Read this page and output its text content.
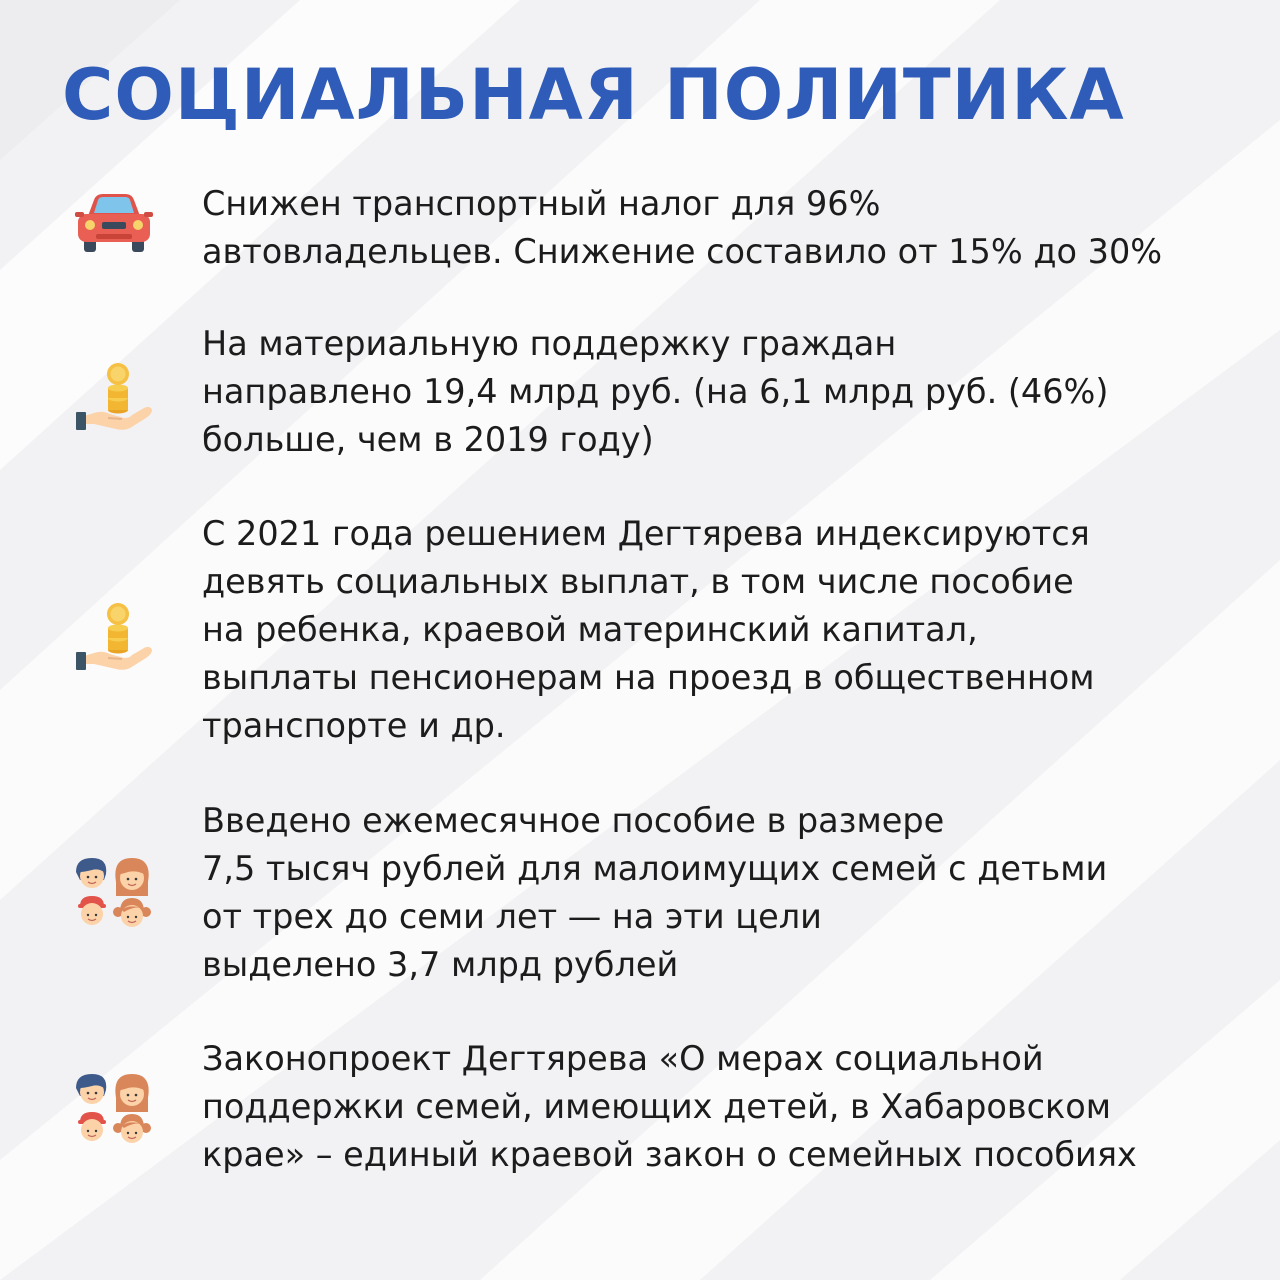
СОЦИАЛЬНАЯ ПОЛИТИКА

Снижен транспортный налог для 96%
автовладельцев. Снижение составило от 15% до 30%

На материальную поддержку граждан
направлено 19,4 млрд руб. (на 6,1 млрд руб. (46%)
больше, чем в 2019 году)

С 2021 года решением Дегтярева индексируются
девять социальных выплат, в том числе пособие
на ребенка, краевой материнский капитал,
выплаты пенсионерам на проезд в общественном
транспорте и др.

Введено ежемесячное пособие в размере
7,5 тысяч рублей для малоимущих семей с детьми
от трех до семи лет — на эти цели
выделено 3,7 млрд рублей

Законопроект Дегтярева «О мерах социальной
поддержки семей, имеющих детей, в Хабаровском
крае» – единый краевой закон о семейных пособиях
